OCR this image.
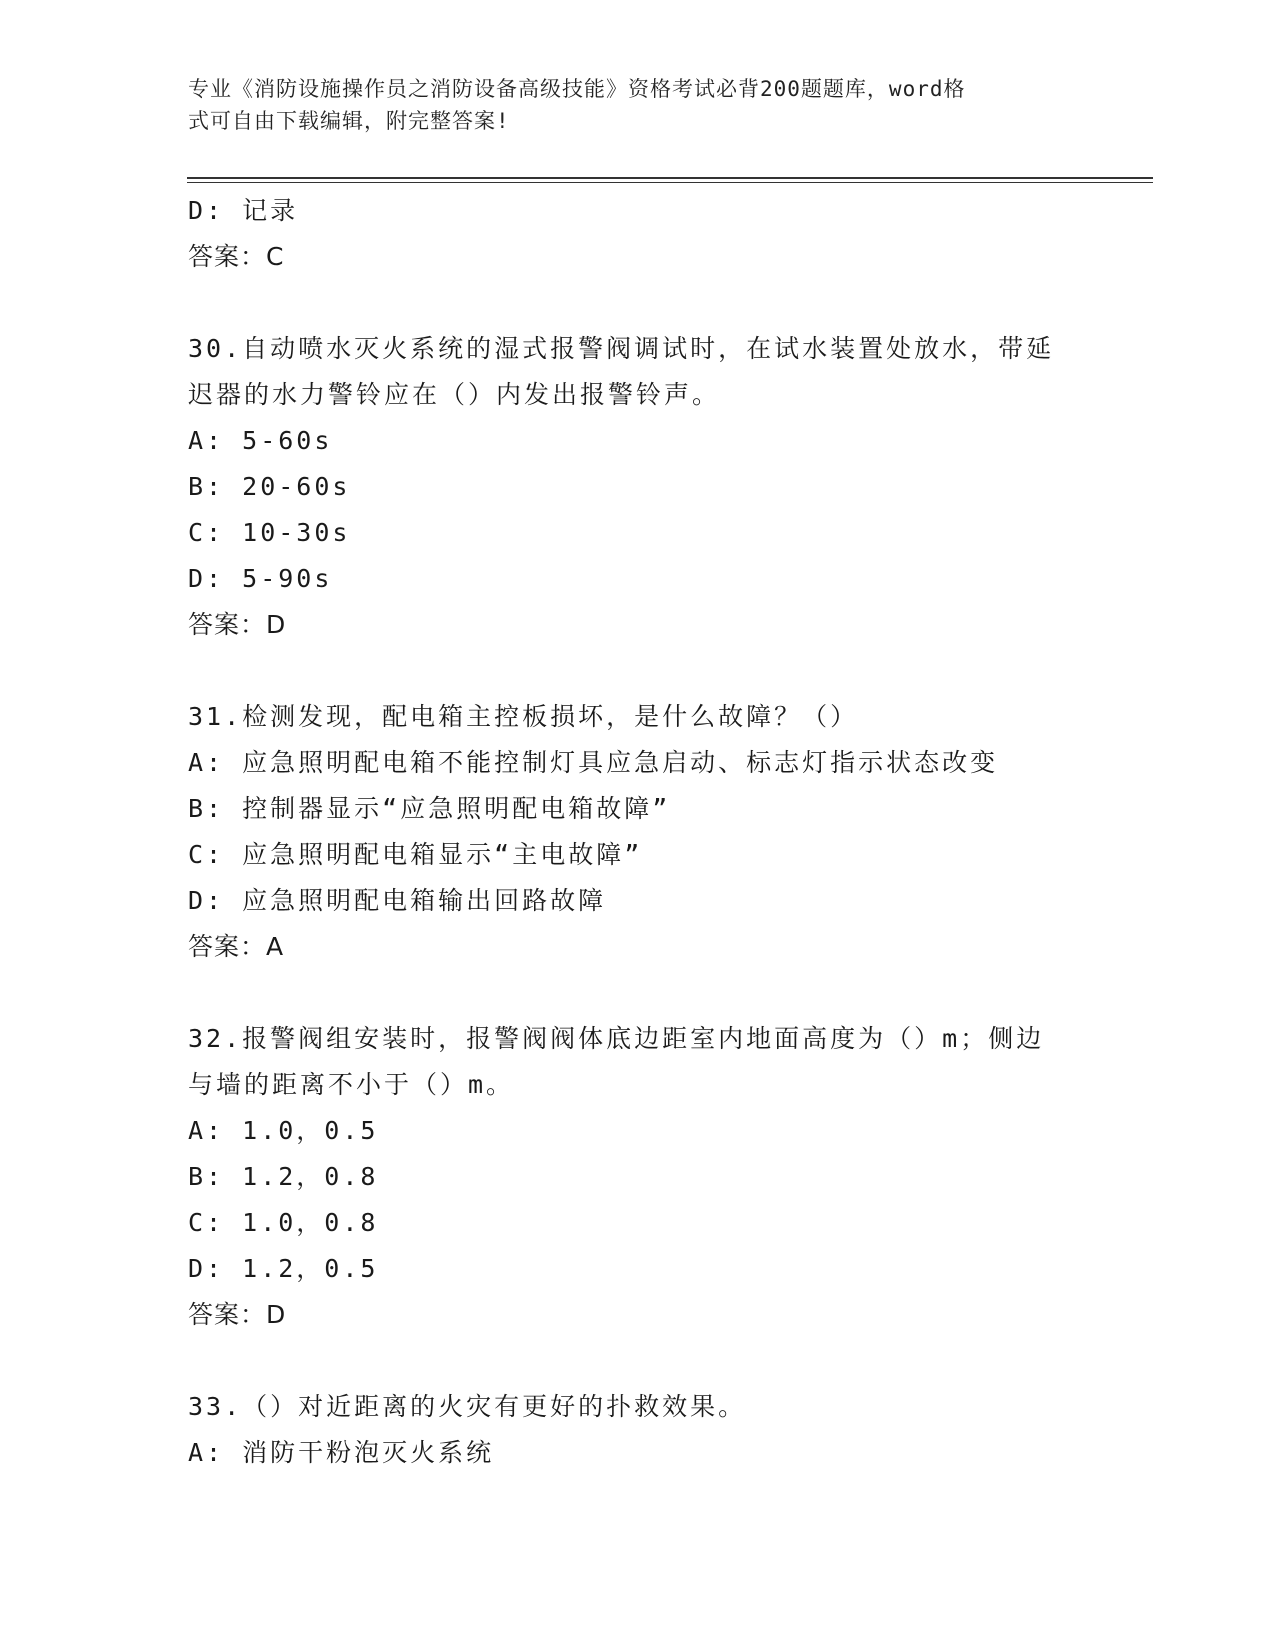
专业《消防设施操作员之消防设备高级技能》资格考试必背200题题库，word格
式可自由下载编辑，附完整答案!
D: 记录
答案：C
30.自动喷水灭火系统的湿式报警阀调试时，在试水装置处放水，带延
迟器的水力警铃应在（）内发出报警铃声。
A: 5-60s
B: 20-60s
C: 10-30s
D: 5-90s
答案：D
31.检测发现，配电箱主控板损坏，是什么故障？（）
A: 应急照明配电箱不能控制灯具应急启动、标志灯指示状态改变
B: 控制器显示“应急照明配电箱故障”
C: 应急照明配电箱显示“主电故障”
D: 应急照明配电箱输出回路故障
答案：A
32.报警阀组安装时，报警阀阀体底边距室内地面高度为（）m；侧边
与墙的距离不小于（）m。
A: 1.0，0.5
B: 1.2，0.8
C: 1.0，0.8
D: 1.2，0.5
答案：D
33.（）对近距离的火灾有更好的扑救效果。
A: 消防干粉泡灭火系统
